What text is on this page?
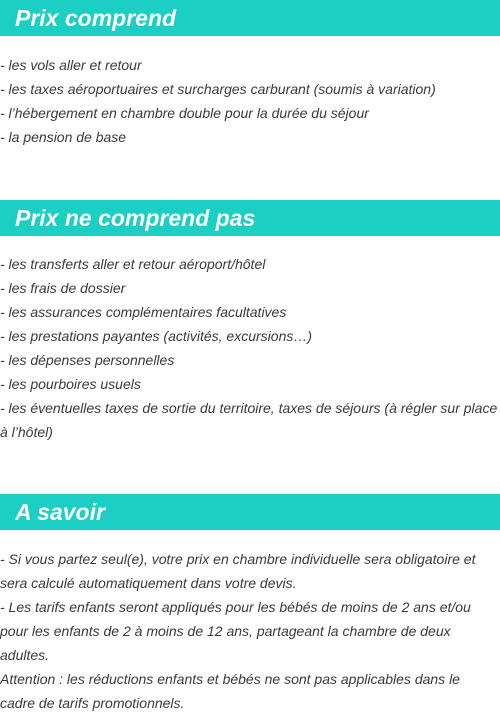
Prix comprend
- les vols aller et retour
- les taxes aéroportuaires et surcharges carburant (soumis à variation)
- l’hébergement en chambre double pour la durée du séjour
- la pension de base
Prix ne comprend pas
- les transferts aller et retour aéroport/hôtel
- les frais de dossier
- les assurances complémentaires facultatives
- les prestations payantes (activités, excursions…)
- les dépenses personnelles
- les pourboires usuels
- les éventuelles taxes de sortie du territoire, taxes de séjours (à régler sur place à l’hôtel)
A savoir
- Si vous partez seul(e), votre prix en chambre individuelle sera obligatoire et sera calculé automatiquement dans votre devis.
- Les tarifs enfants seront appliqués pour les bébés de moins de 2 ans et/ou pour les enfants de 2 à moins de 12 ans, partageant la chambre de deux adultes.
Attention : les réductions enfants et bébés ne sont pas applicables dans le cadre de tarifs promotionnels.
